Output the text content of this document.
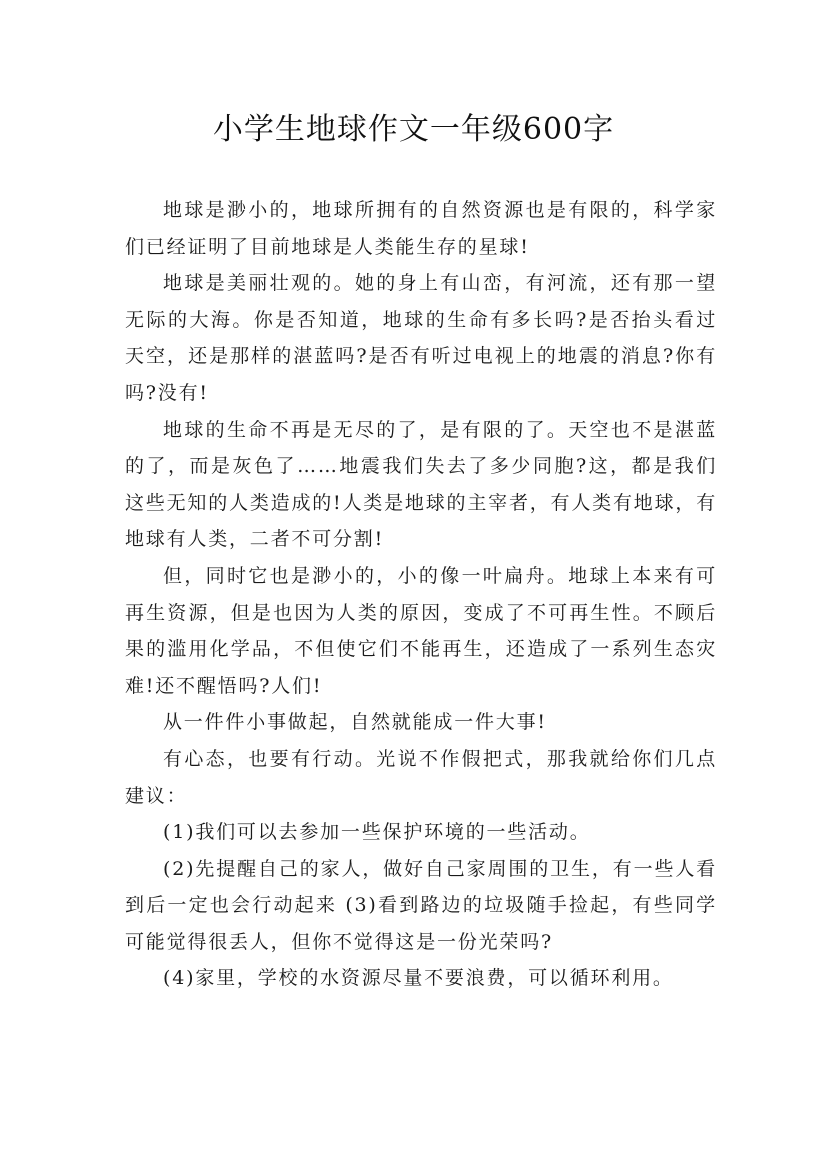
小学生地球作文一年级600字

地球是渺小的，地球所拥有的自然资源也是有限的，科学家们已经证明了目前地球是人类能生存的星球!

地球是美丽壮观的。她的身上有山峦，有河流，还有那一望无际的大海。你是否知道，地球的生命有多长吗?是否抬头看过天空，还是那样的湛蓝吗?是否有听过电视上的地震的消息?你有吗?没有!

地球的生命不再是无尽的了，是有限的了。天空也不是湛蓝的了，而是灰色了……地震我们失去了多少同胞?这，都是我们这些无知的人类造成的!人类是地球的主宰者，有人类有地球，有地球有人类，二者不可分割!

但，同时它也是渺小的，小的像一叶扁舟。地球上本来有可再生资源，但是也因为人类的原因，变成了不可再生性。不顾后果的滥用化学品，不但使它们不能再生，还造成了一系列生态灾难!还不醒悟吗?人们!

从一件件小事做起，自然就能成一件大事!

有心态，也要有行动。光说不作假把式，那我就给你们几点建议：

(1)我们可以去参加一些保护环境的一些活动。

(2)先提醒自己的家人，做好自己家周围的卫生，有一些人看到后一定也会行动起来 (3)看到路边的垃圾随手捡起，有些同学可能觉得很丢人，但你不觉得这是一份光荣吗?

(4)家里，学校的水资源尽量不要浪费，可以循环利用。
